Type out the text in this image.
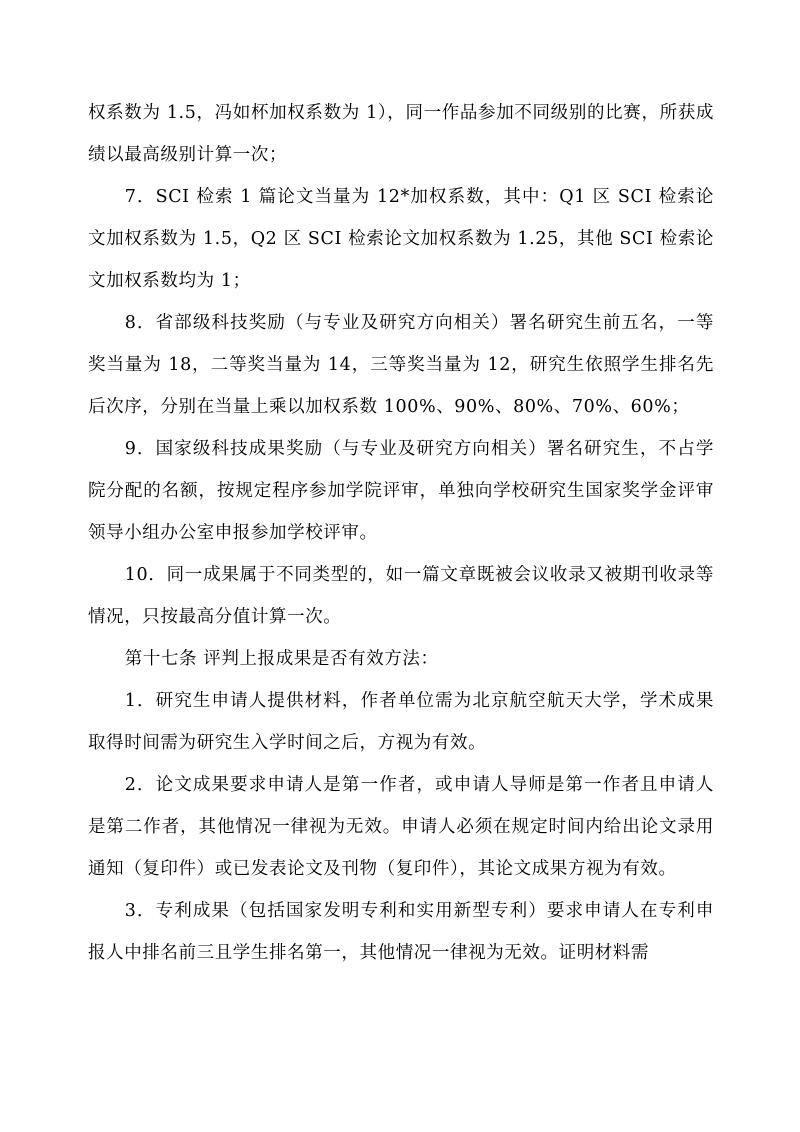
权系数为 1.5，冯如杯加权系数为 1），同一作品参加不同级别的比赛，所获成绩以最高级别计算一次；

7．SCI 检索 1 篇论文当量为 12*加权系数，其中：Q1 区 SCI 检索论文加权系数为 1.5，Q2 区 SCI 检索论文加权系数为 1.25，其他 SCI 检索论文加权系数均为 1；

8．省部级科技奖励（与专业及研究方向相关）署名研究生前五名，一等奖当量为 18，二等奖当量为 14，三等奖当量为 12，研究生依照学生排名先后次序，分别在当量上乘以加权系数 100%、90%、80%、70%、60%；

9．国家级科技成果奖励（与专业及研究方向相关）署名研究生，不占学院分配的名额，按规定程序参加学院评审，单独向学校研究生国家奖学金评审领导小组办公室申报参加学校评审。

10．同一成果属于不同类型的，如一篇文章既被会议收录又被期刊收录等情况，只按最高分值计算一次。

第十七条 评判上报成果是否有效方法：

1．研究生申请人提供材料，作者单位需为北京航空航天大学，学术成果取得时间需为研究生入学时间之后，方视为有效。

2．论文成果要求申请人是第一作者，或申请人导师是第一作者且申请人是第二作者，其他情况一律视为无效。申请人必须在规定时间内给出论文录用通知（复印件）或已发表论文及刊物（复印件），其论文成果方视为有效。

3．专利成果（包括国家发明专利和实用新型专利）要求申请人在专利申报人中排名前三且学生排名第一，其他情况一律视为无效。证明材料需
